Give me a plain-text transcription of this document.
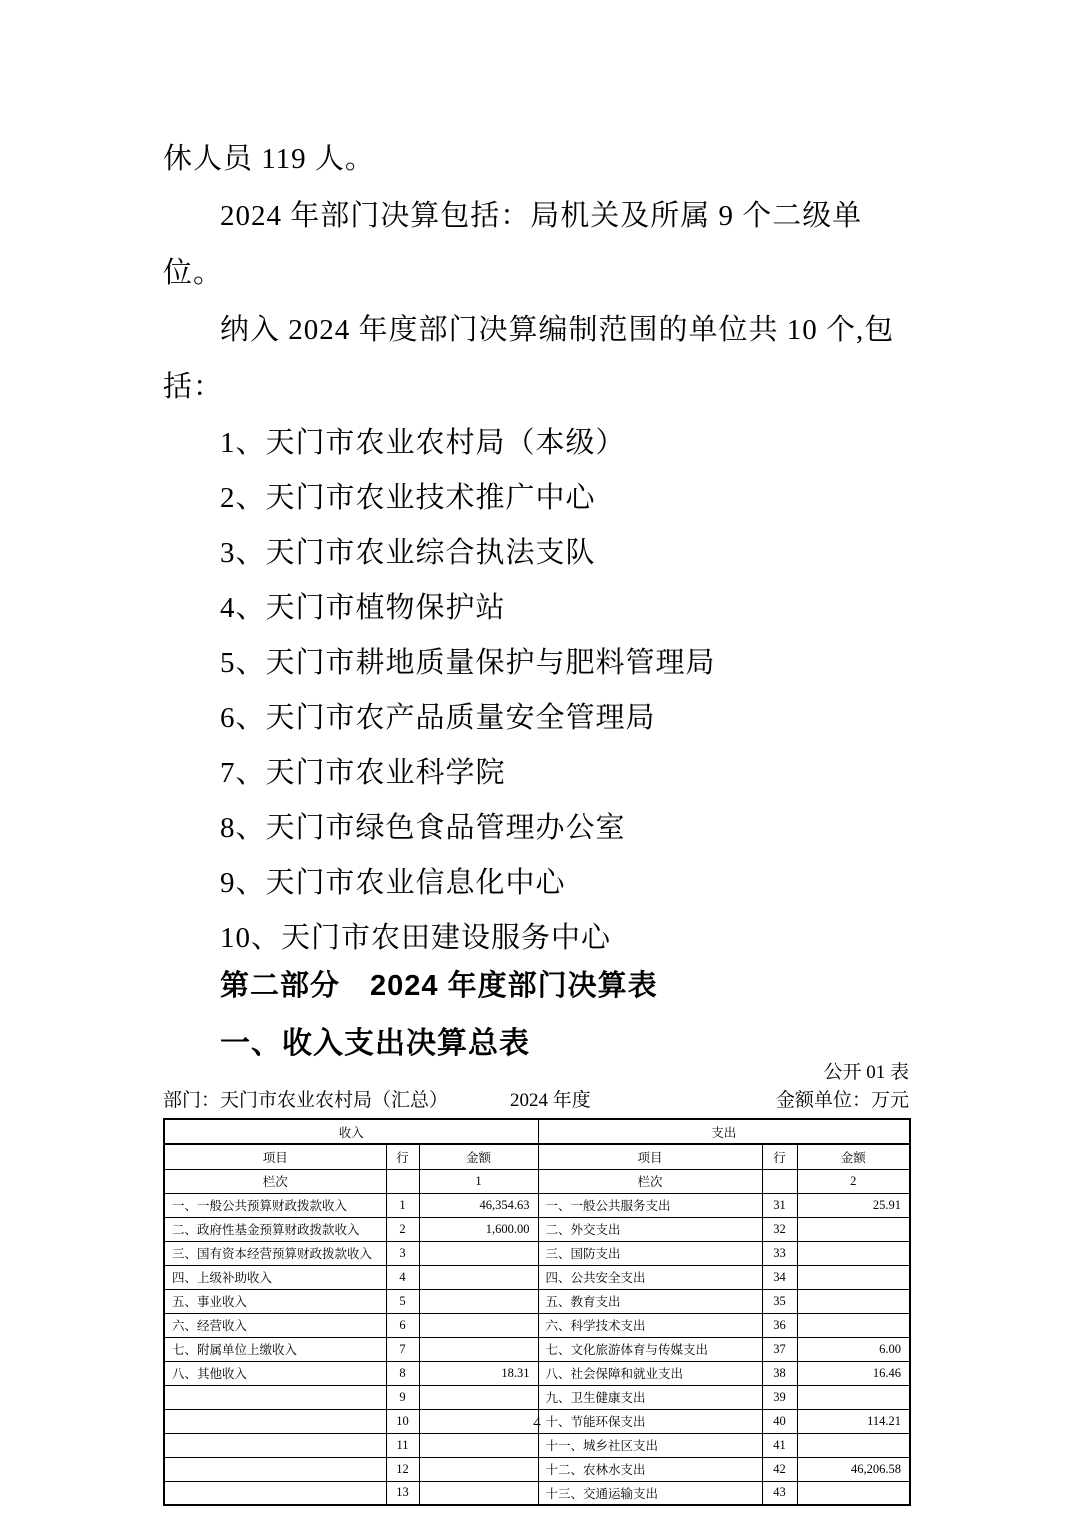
休人员 119 人。

2024 年部门决算包括：局机关及所属 9 个二级单位。

纳入 2024 年度部门决算编制范围的单位共 10 个,包括：

1、天门市农业农村局（本级）

2、天门市农业技术推广中心

3、天门市农业综合执法支队

4、天门市植物保护站

5、天门市耕地质量保护与肥料管理局

6、天门市农产品质量安全管理局

7、天门市农业科学院

8、天门市绿色食品管理办公室

9、天门市农业信息化中心

10、天门市农田建设服务中心

第二部分　2024 年度部门决算表
一、收入支出决算总表
公开 01 表
部门：天门市农业农村局（汇总）	2024 年度	金额单位：万元
收入			支出		
项目	行	金额	项目	行	金额
栏次		1	栏次		2
一、一般公共预算财政拨款收入	1	46,354.63	一、一般公共服务支出	31	25.91
二、政府性基金预算财政拨款收入	2	1,600.00	二、外交支出	32	
三、国有资本经营预算财政拨款收入	3		三、国防支出	33	
四、上级补助收入	4		四、公共安全支出	34	
五、事业收入	5		五、教育支出	35	
六、经营收入	6		六、科学技术支出	36	
七、附属单位上缴收入	7		七、文化旅游体育与传媒支出	37	6.00
八、其他收入	8	18.31	八、社会保障和就业支出	38	16.46
	9		九、卫生健康支出	39	
	10		十、节能环保支出	40	114.21
	11		十一、城乡社区支出	41	
	12		十二、农林水支出	42	46,206.58
	13		十三、交通运输支出	43	
4
